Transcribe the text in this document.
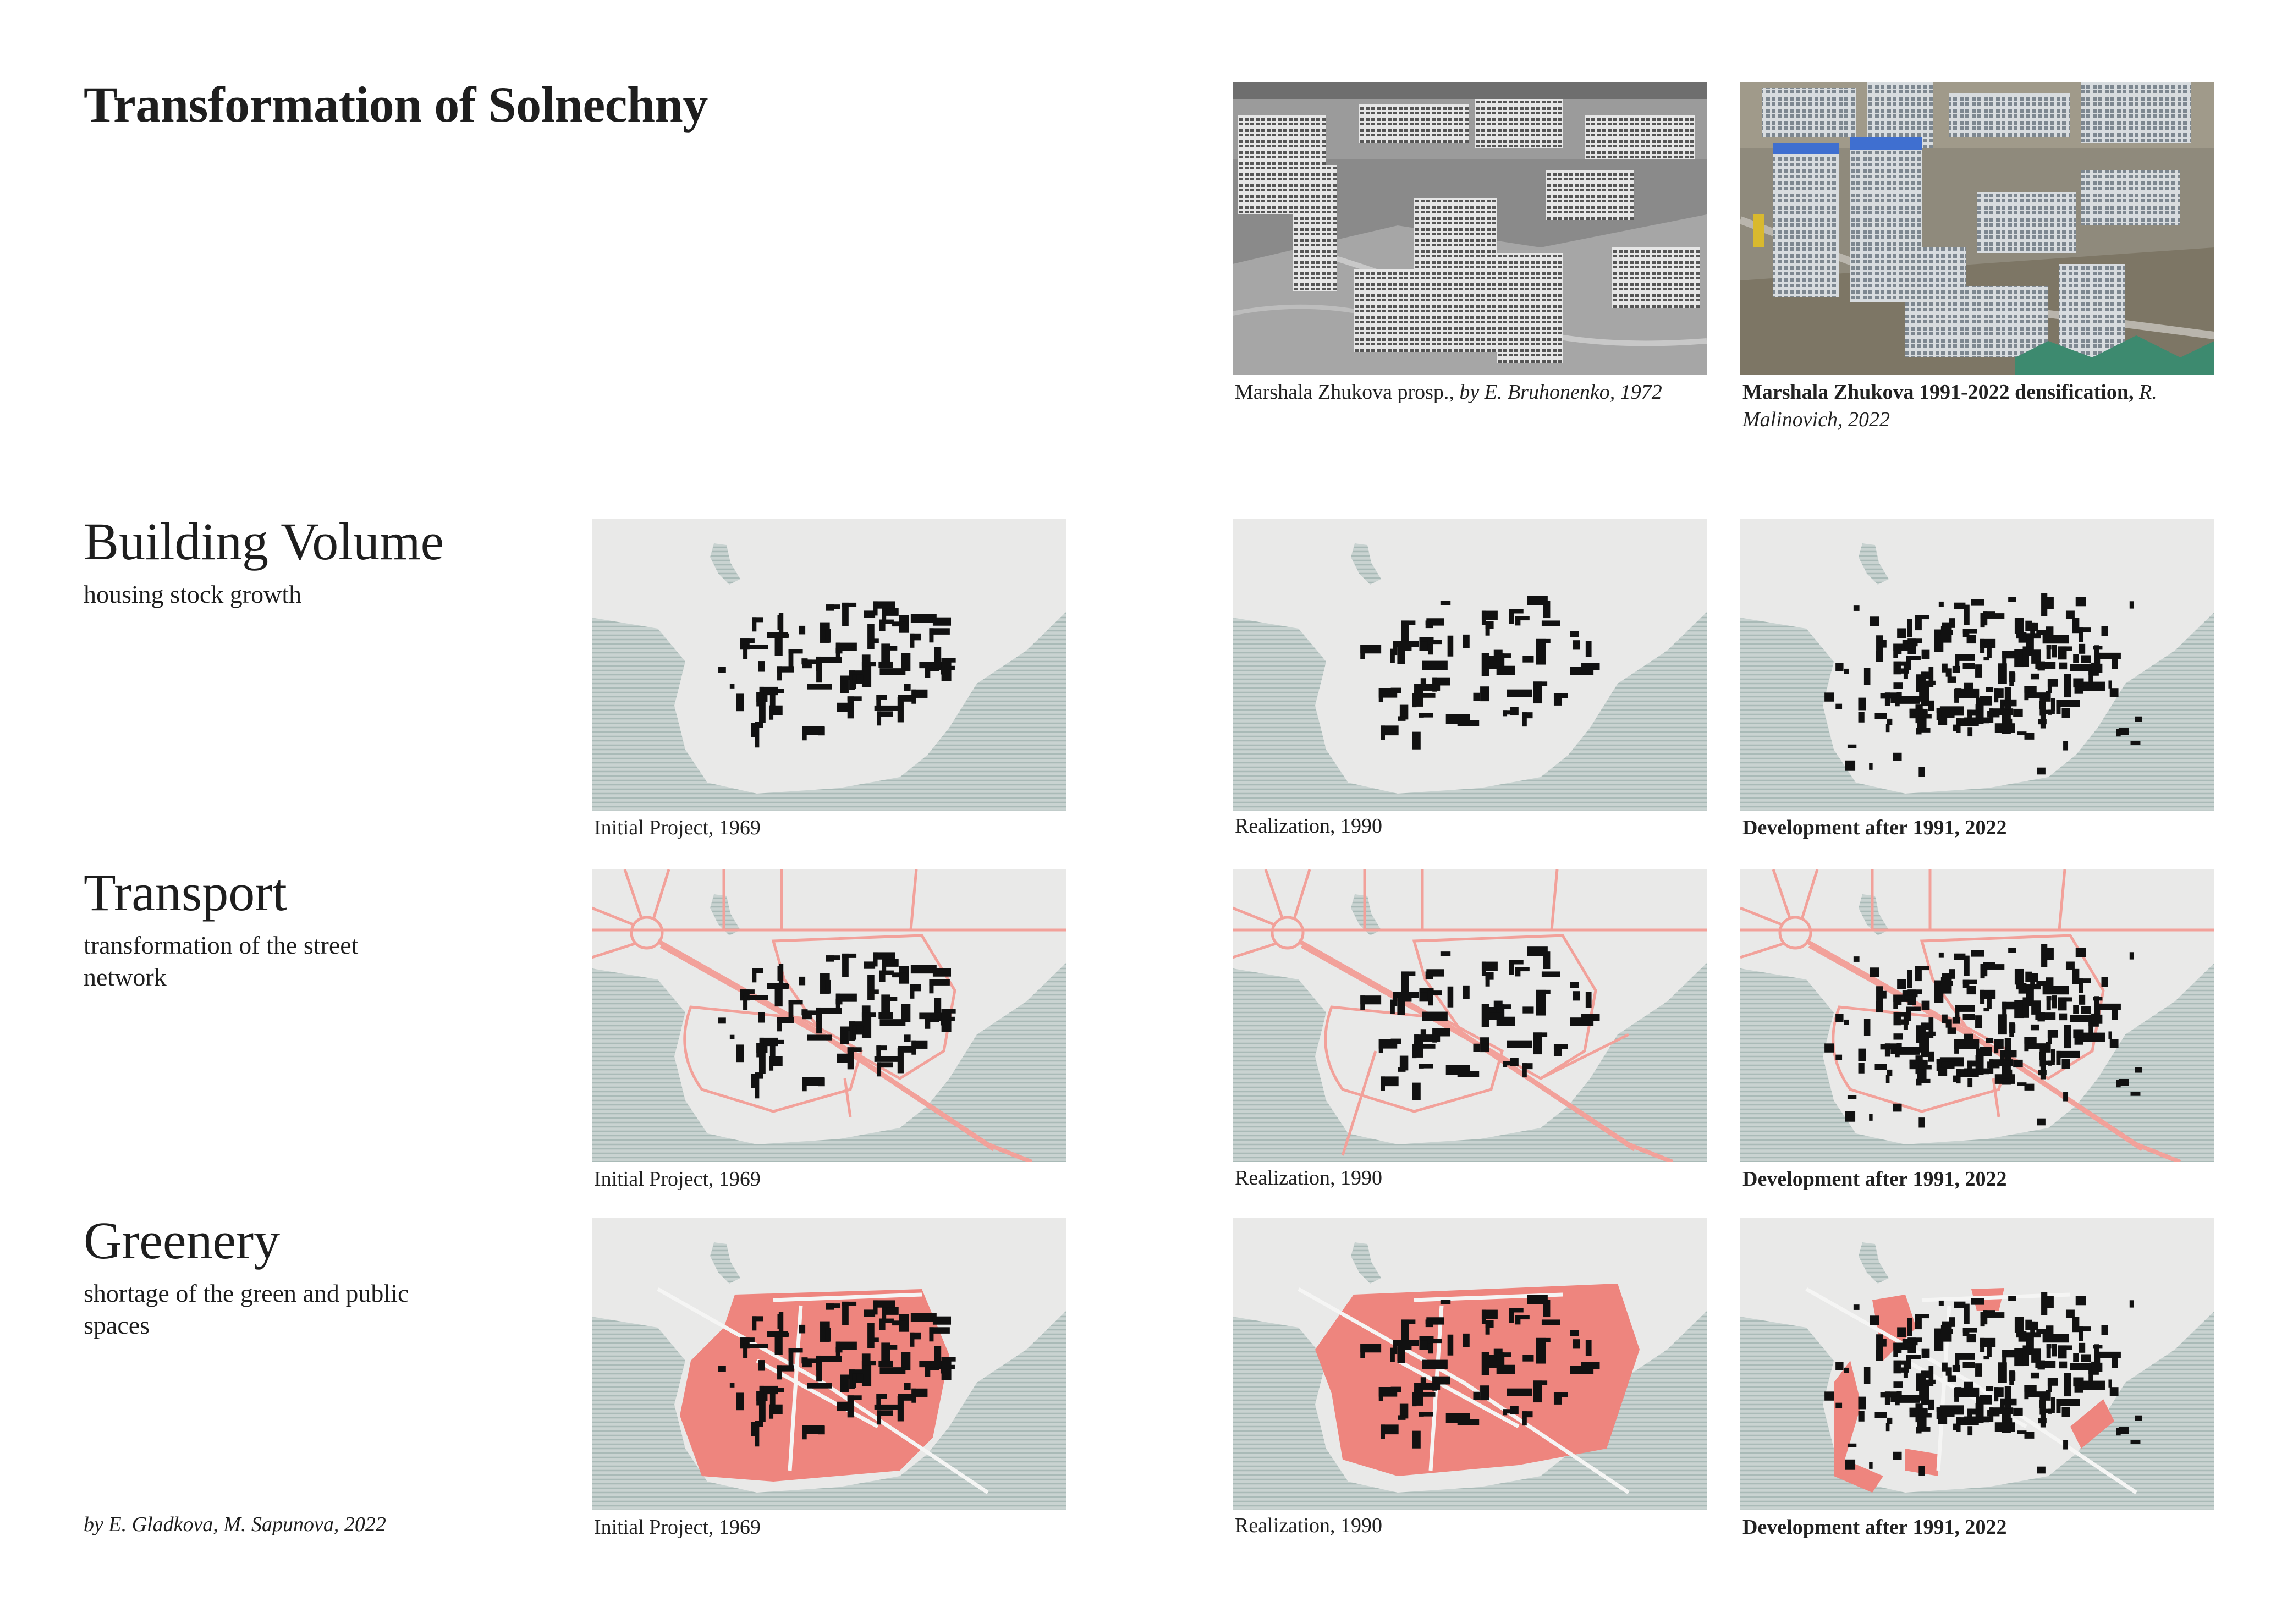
Transformation of Solnechny
Marshala Zhukova prosp., by E. Bruhonenko, 1972	Marshala Zhukova 1991-2022 densification, R. Malinovich, 2022
Building Volume

housing stock growth

Transport

transformation of the street network

Greenery

shortage of the green and public spaces

by E. Gladkova, M. Sapunova, 2022
Initial Project, 1969	Realization, 1990	Development after 1991, 2022
Initial Project, 1969	Realization, 1990	Development after 1991, 2022
Initial Project, 1969	Realization, 1990	Development after 1991, 2022
